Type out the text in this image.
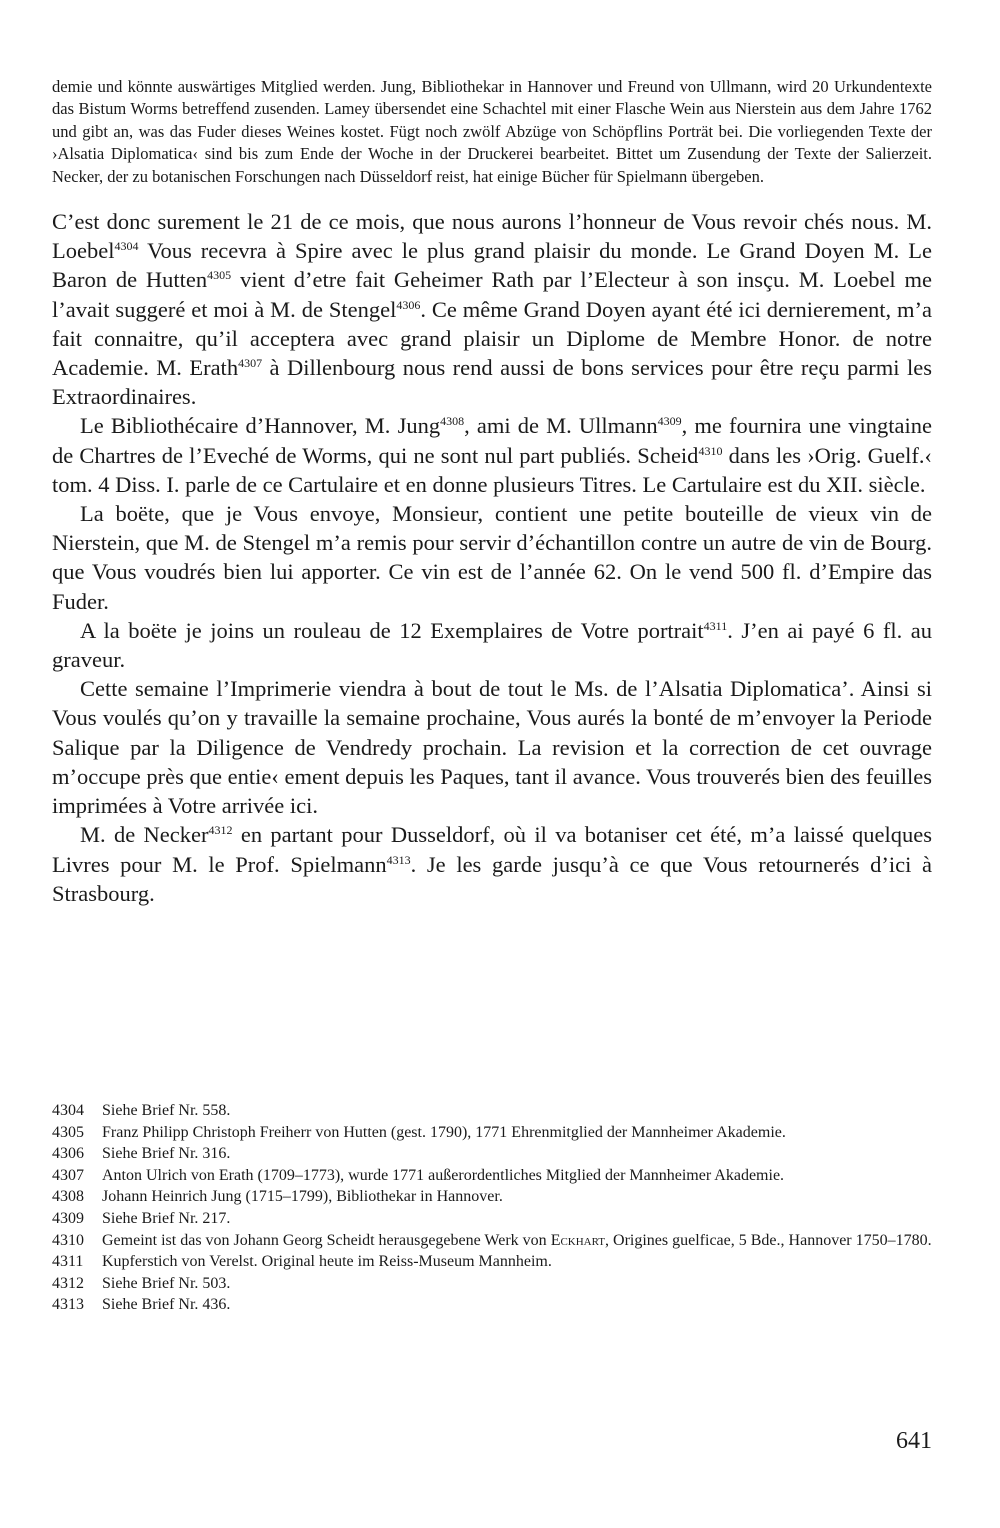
demie und könnte auswärtiges Mitglied werden. Jung, Bibliothekar in Hannover und Freund von Ullmann, wird 20 Urkundentexte das Bistum Worms betreffend zusenden. Lamey übersendet eine Schachtel mit einer Flasche Wein aus Nierstein aus dem Jahre 1762 und gibt an, was das Fuder dieses Weines kostet. Fügt noch zwölf Abzüge von Schöpflins Porträt bei. Die vorliegenden Texte der ›Alsatia Diplomatica‹ sind bis zum Ende der Woche in der Druckerei bearbeitet. Bittet um Zusendung der Texte der Salierzeit. Necker, der zu botanischen Forschungen nach Düsseldorf reist, hat einige Bücher für Spielmann übergeben.

C’est donc surement le 21 de ce mois, que nous aurons l’honneur de Vous revoir chés nous. M. Loebel$^{4304}$ Vous recevra à Spire avec le plus grand plaisir du monde. Le Grand Doyen M. Le Baron de Hutten$^{4305}$ vient d’etre fait Geheimer Rath par l’Electeur à son insçu. M. Loebel me l’avait suggeré et moi à M. de Stengel$^{4306}$. Ce même Grand Doyen ayant été ici dernierement, m’a fait connaitre, qu’il acceptera avec grand plaisir un Diplome de Membre Honor. de notre Academie. M. Erath$^{4307}$ à Dillenbourg nous rend aussi de bons services pour être reçu parmi les Extraordinaires.

Le Bibliothécaire d’Hannover, M. Jung$^{4308}$, ami de M. Ullmann$^{4309}$, me fournira une vingtaine de Chartres de l’Eveché de Worms, qui ne sont nul part publiés. Scheid$^{4310}$ dans les ›Orig. Guelf.‹ tom. 4 Diss. I. parle de ce Cartulaire et en donne plusieurs Titres. Le Cartulaire est du XII. siècle.

La boëte, que je Vous envoye, Monsieur, contient une petite bouteille de vieux vin de Nierstein, que M. de Stengel m’a remis pour servir d’échantillon contre un autre de vin de Bourg. que Vous voudrés bien lui apporter. Ce vin est de l’année 62. On le vend 500 fl. d’Empire das Fuder.

A la boëte je joins un rouleau de 12 Exemplaires de Votre portrait$^{4311}$. J’en ai payé 6 fl. au graveur.

Cette semaine l’Imprimerie viendra à bout de tout le Ms. de l’Alsatia Diplomatica’. Ainsi si Vous voulés qu’on y travaille la semaine prochaine, Vous aurés la bonté de m’envoyer la Periode Salique par la Diligence de Vendredy prochain. La revision et la correction de cet ouvrage m’occupe près que entie‹ ement depuis les Paques, tant il avance. Vous trouverés bien des feuilles imprimées à Votre arrivée ici.

M. de Necker$^{4312}$ en partant pour Dusseldorf, où il va botaniser cet été, m’a laissé quelques Livres pour M. le Prof. Spielmann$^{4313}$. Je les garde jusqu’à ce que Vous retournerés d’ici à Strasbourg.

4304	Siehe Brief Nr. 558.
4305	Franz Philipp Christoph Freiherr von Hutten (gest. 1790), 1771 Ehrenmitglied der Mannheimer Akademie.
4306	Siehe Brief Nr. 316.
4307	Anton Ulrich von Erath (1709–1773), wurde 1771 außerordentliches Mitglied der Mannheimer Akademie.
4308	Johann Heinrich Jung (1715–1799), Bibliothekar in Hannover.
4309	Siehe Brief Nr. 217.
4310	Gemeint ist das von Johann Georg Scheidt herausgegebene Werk von Eckhart, Origines guelficae, 5 Bde., Hannover 1750–1780.
4311	Kupferstich von Verelst. Original heute im Reiss-Museum Mannheim.
4312	Siehe Brief Nr. 503.
4313	Siehe Brief Nr. 436.
641
